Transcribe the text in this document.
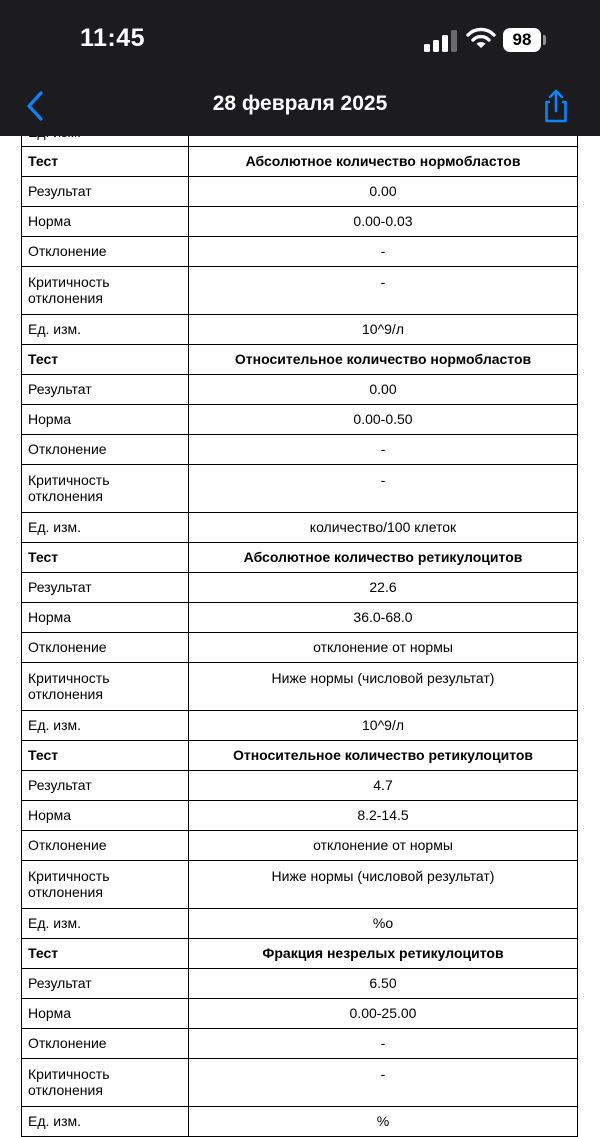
Тест	Абсолютное количество нормобластов
Результат	0.00
Норма	0.00-0.03
Отклонение	-
Критичность отклонения	-
Ед. изм.	10^9/л
Тест	Относительное количество нормобластов
Результат	0.00
Норма	0.00-0.50
Отклонение	-
Критичность отклонения	-
Ед. изм.	количество/100 клеток
Тест	Абсолютное количество ретикулоцитов
Результат	22.6
Норма	36.0-68.0
Отклонение	отклонение от нормы
Критичность отклонения	Ниже нормы (числовой результат)
Ед. изм.	10^9/л
Тест	Относительное количество ретикулоцитов
Результат	4.7
Норма	8.2-14.5
Отклонение	отклонение от нормы
Критичность отклонения	Ниже нормы (числовой результат)
Ед. изм.	%о
Тест	Фракция незрелых ретикулоцитов
Результат	6.50
Норма	0.00-25.00
Отклонение	-
Критичность отклонения	-
Ед. изм.	%
11:45	98
28 февраля 2025
